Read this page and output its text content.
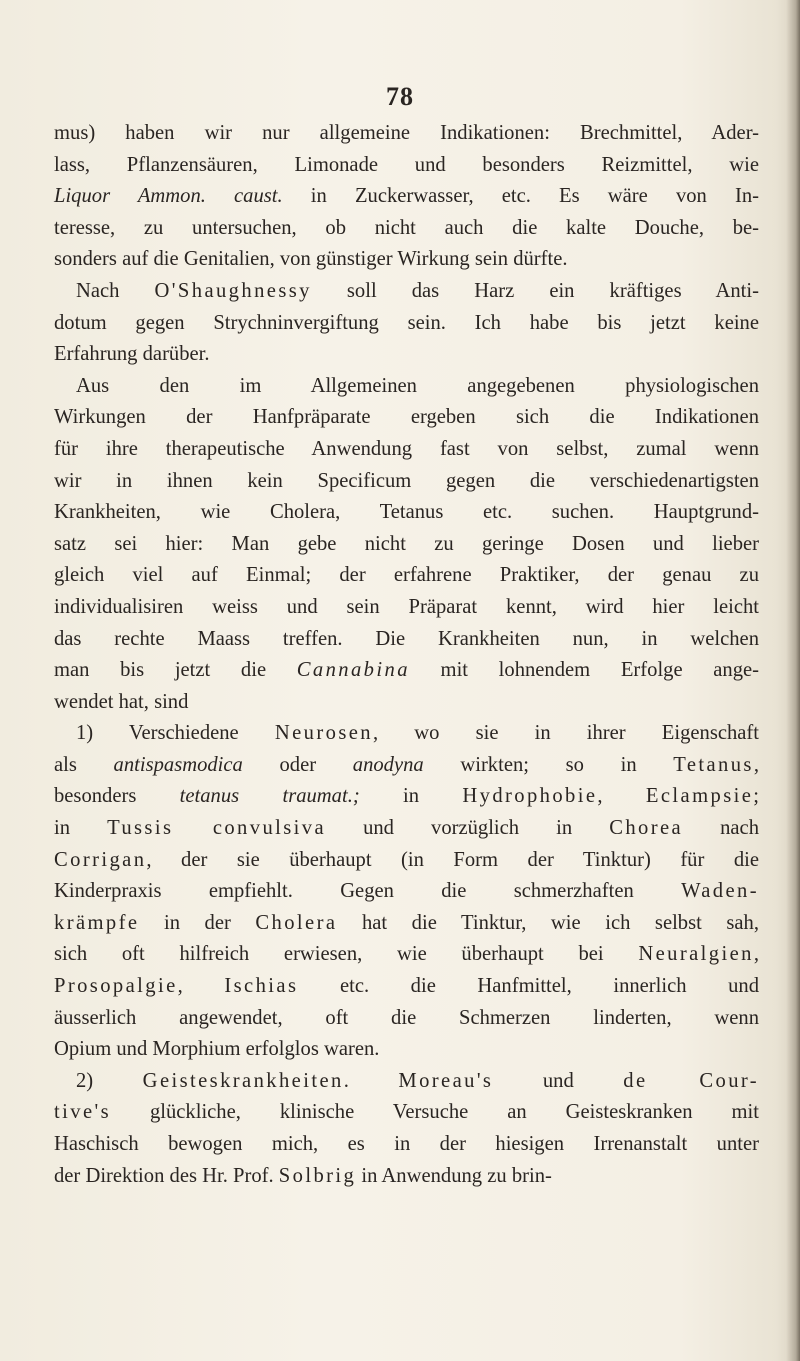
78
mus) haben wir nur allgemeine Indikationen: Brechmittel, Ader-
lass, Pflanzensäuren, Limonade und besonders Reizmittel, wie
Liquor Ammon. caust. in Zuckerwasser, etc. Es wäre von In-
teresse, zu untersuchen, ob nicht auch die kalte Douche, be-
sonders auf die Genitalien, von günstiger Wirkung sein dürfte.
Nach O'Shaughnessy soll das Harz ein kräftiges Anti-
dotum gegen Strychninvergiftung sein. Ich habe bis jetzt keine
Erfahrung darüber.
Aus den im Allgemeinen angegebenen physiologischen
Wirkungen der Hanfpräparate ergeben sich die Indikationen
für ihre therapeutische Anwendung fast von selbst, zumal wenn
wir in ihnen kein Specificum gegen die verschiedenartigsten
Krankheiten, wie Cholera, Tetanus etc. suchen. Hauptgrund-
satz sei hier: Man gebe nicht zu geringe Dosen und lieber
gleich viel auf Einmal; der erfahrene Praktiker, der genau zu
individualisiren weiss und sein Präparat kennt, wird hier leicht
das rechte Maass treffen. Die Krankheiten nun, in welchen
man bis jetzt die Cannabina mit lohnendem Erfolge ange-
wendet hat, sind
1) Verschiedene Neurosen, wo sie in ihrer Eigenschaft
als antispasmodica oder anodyna wirkten; so in Tetanus,
besonders tetanus traumat.; in Hydrophobie, Eclampsie;
in Tussis convulsiva und vorzüglich in Chorea nach
Corrigan, der sie überhaupt (in Form der Tinktur) für die
Kinderpraxis empfiehlt. Gegen die schmerzhaften Waden-
krämpfe in der Cholera hat die Tinktur, wie ich selbst sah,
sich oft hilfreich erwiesen, wie überhaupt bei Neuralgien,
Prosopalgie, Ischias etc. die Hanfmittel, innerlich und
äusserlich angewendet, oft die Schmerzen linderten, wenn
Opium und Morphium erfolglos waren.
2) Geisteskrankheiten. Moreau's und de Cour-
tive's glückliche, klinische Versuche an Geisteskranken mit
Haschisch bewogen mich, es in der hiesigen Irrenanstalt unter
der Direktion des Hr. Prof. Solbrig in Anwendung zu brin-
